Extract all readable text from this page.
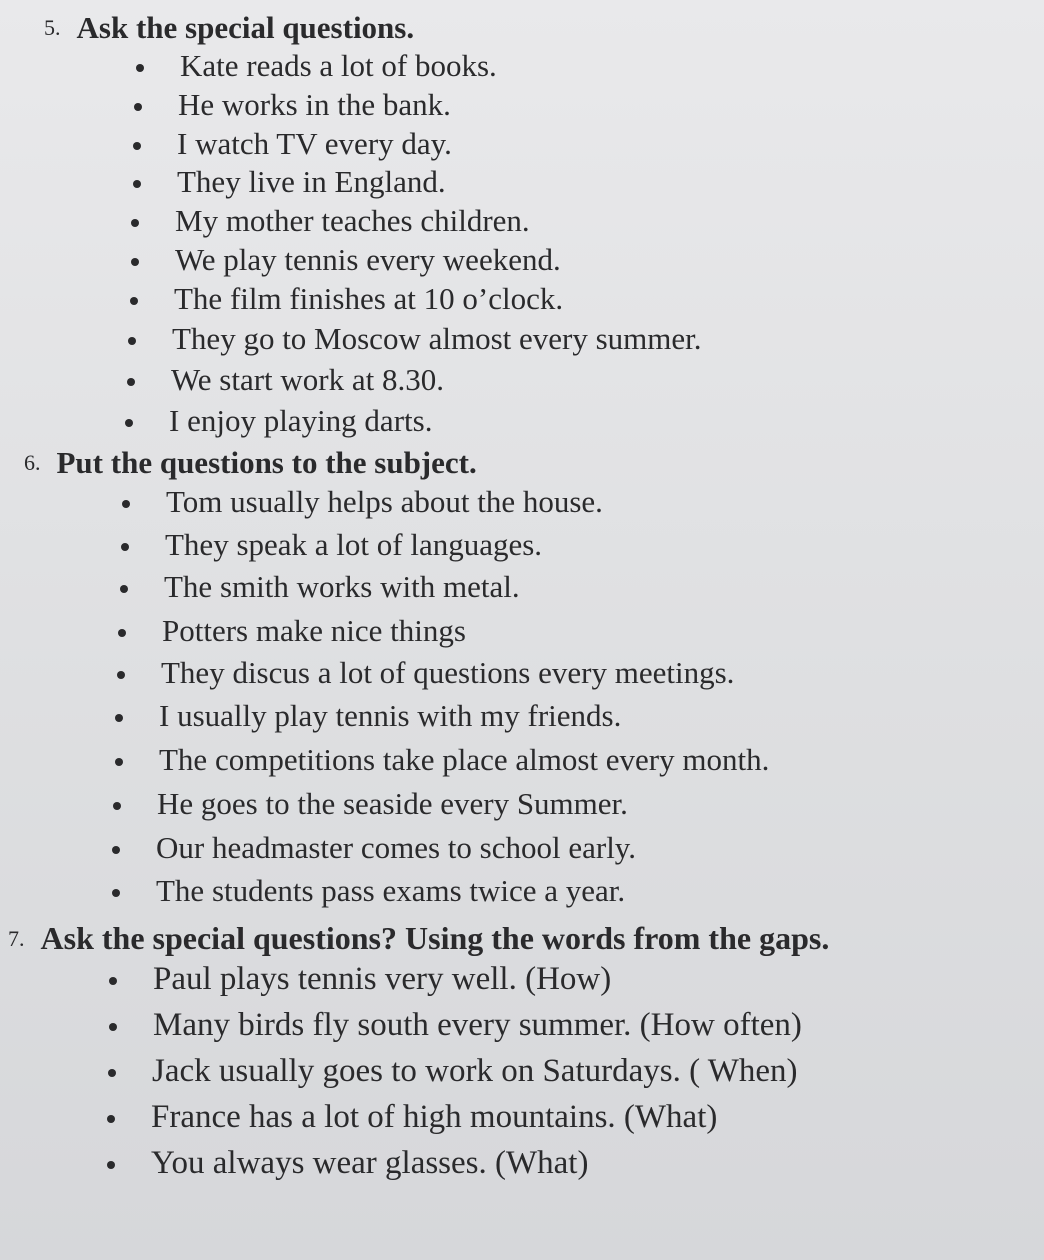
5. Ask the special questions.
Kate reads a lot of books.
He works in the bank.
I watch TV every day.
They live in England.
My mother teaches children.
We play tennis every weekend.
The film finishes at 10 o’clock.
They go to Moscow almost every summer.
We start work at 8.30.
I enjoy playing darts.
6. Put the questions to the subject.
Tom usually helps about the house.
They speak a lot of languages.
The smith works with metal.
Potters make nice things
They discus a lot of questions every meetings.
I usually play tennis with my friends.
The competitions take place almost every month.
He goes to the seaside every Summer.
Our headmaster comes to school early.
The students pass exams twice a year.
7. Ask the special questions? Using the words from the gaps.
Paul plays tennis very well. (How)
Many birds fly south every summer. (How often)
Jack usually goes to work on Saturdays. ( When)
France has a lot of high mountains. (What)
You always wear glasses. (What)
